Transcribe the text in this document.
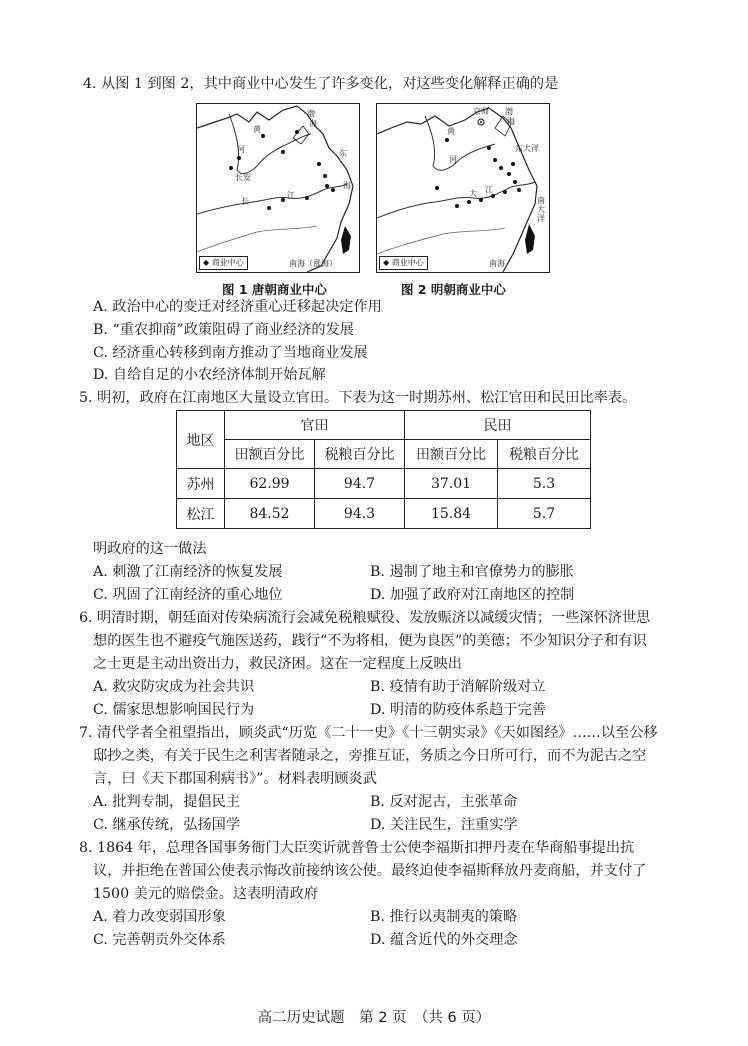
4. 从图 1 到图 2，其中商业中心发生了许多变化，对这些变化解释正确的是
黄
河
长安
长
江
渤
海
东
海
南海（涨海）
◆ 商业中心
图 1 唐朝商业中心
京师
黄
河
大 江
渤
海
东大洋
南大洋
南海
◆ 商业中心
图 2 明朝商业中心
A. 政治中心的变迁对经济重心迁移起决定作用
B. “重农抑商”政策阻碍了商业经济的发展
C. 经济重心转移到南方推动了当地商业发展
D. 自给自足的小农经济体制开始瓦解
5. 明初，政府在江南地区大量设立官田。下表为这一时期苏州、松江官田和民田比率表。
地区	官田		民田	
	田额百分比	税粮百分比	田额百分比	税粮百分比
苏州	62.99	94.7	37.01	5.3
松江	84.52	94.3	15.84	5.7
明政府的这一做法
A. 刺激了江南经济的恢复发展	B. 遏制了地主和官僚势力的膨胀
C. 巩固了江南经济的重心地位	D. 加强了政府对江南地区的控制
6. 明清时期，朝廷面对传染病流行会减免税粮赋役、发放赈济以减缓灾情；一些深怀济世思
想的医生也不避疫气施医送药，践行“不为将相，便为良医”的美德；不少知识分子和有识
之士更是主动出资出力，救民济困。这在一定程度上反映出
A. 救灾防灾成为社会共识	B. 疫情有助于消解阶级对立
C. 儒家思想影响国民行为	D. 明清的防疫体系趋于完善
7. 清代学者全祖望指出，顾炎武“历览《二十一史》《十三朝实录》《天如图经》……以至公移
邸抄之类，有关于民生之利害者随录之，旁推互证，务质之今日所可行，而不为泥古之空
言，曰《天下郡国利病书》”。材料表明顾炎武
A. 批判专制，提倡民主	B. 反对泥古，主张革命
C. 继承传统，弘扬国学	D. 关注民生，注重实学
8. 1864 年，总理各国事务衙门大臣奕䜣就普鲁士公使李福斯扣押丹麦在华商船事提出抗
议，并拒绝在普国公使表示悔改前接纳该公使。最终迫使李福斯释放丹麦商船，并支付了
1500 美元的赔偿金。这表明清政府
A. 着力改变弱国形象	B. 推行以夷制夷的策略
C. 完善朝贡外交体系	D. 蕴含近代的外交理念
高二历史试题　第 2 页　（共 6 页）
